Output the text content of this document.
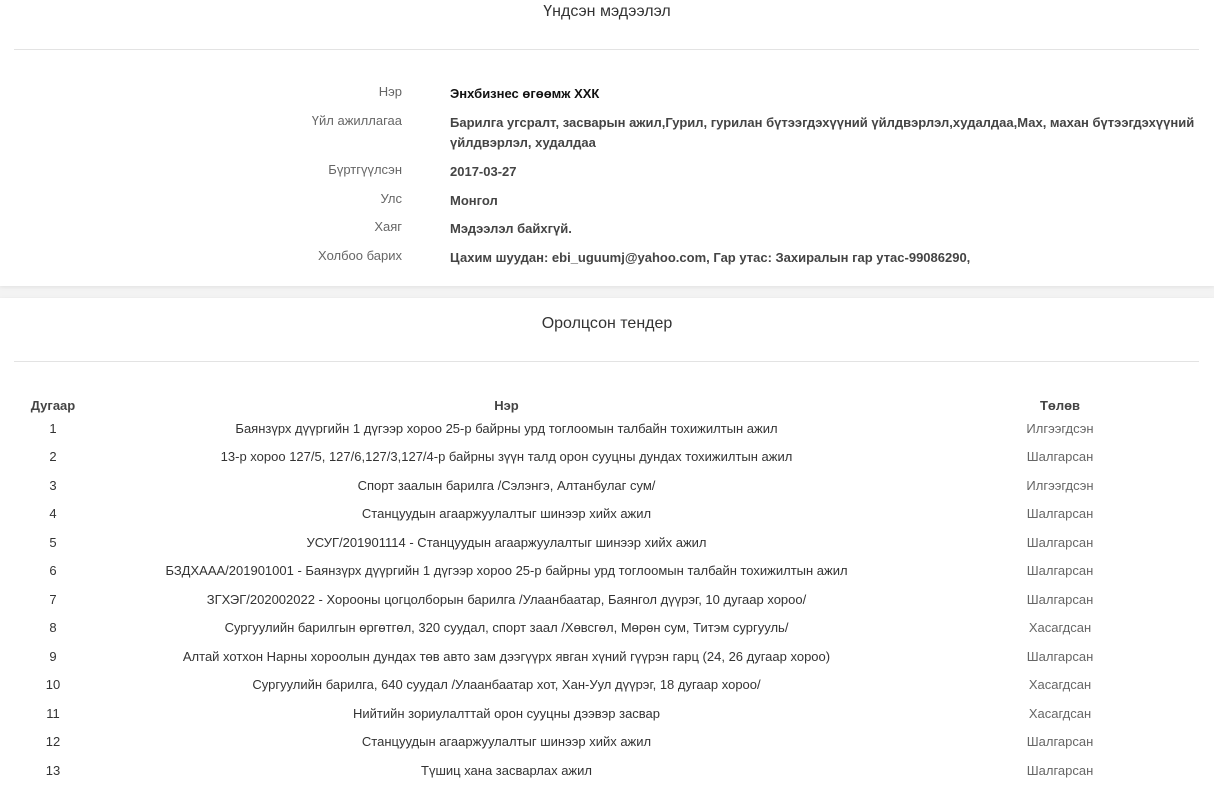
Үндсэн мэдээлэл
Нэр	Энхбизнес өгөөмж ХХК
Үйл ажиллагаа	Барилга угсралт, засварын ажил,Гурил, гурилан бүтээгдэхүүний үйлдвэрлэл,худалдаа,Мах, махан бүтээгдэхүүний үйлдвэрлэл, худалдаа
Бүртгүүлсэн	2017-03-27
Улс	Монгол
Хаяг	Мэдээлэл байхгүй.
Холбоо барих	Цахим шуудан: ebi_uguumj@yahoo.com, Гар утас: Захиралын гар утас-99086290,
Оролцсон тендер
Дугаар	Нэр	Төлөв
1	Баянзүрх дүүргийн 1 дүгээр хороо 25-р байрны урд тоглоомын талбайн тохижилтын ажил	Илгээгдсэн
2	13-р хороо 127/5, 127/6,127/3,127/4-р байрны зүүн талд орон сууцны дундах тохижилтын ажил	Шалгарсан
3	Спорт заалын барилга /Сэлэнгэ, Алтанбулаг сум/	Илгээгдсэн
4	Станцуудын агааржуулалтыг шинээр хийх ажил	Шалгарсан
5	УСУГ/201901114 - Станцуудын агааржуулалтыг шинээр хийх ажил	Шалгарсан
6	БЗДХААА/201901001 - Баянзүрх дүүргийн 1 дүгээр хороо 25-р байрны урд тоглоомын талбайн тохижилтын ажил	Шалгарсан
7	ЗГХЭГ/202002022 - Хорооны цогцолборын барилга /Улаанбаатар, Баянгол дүүрэг, 10 дугаар хороо/	Шалгарсан
8	Сургуулийн барилгын өргөтгөл, 320 суудал, спорт заал /Хөвсгөл, Мөрөн сум, Титэм сургууль/	Хасагдсан
9	Алтай хотхон Нарны хороолын дундах төв авто зам дээгүүрх явган хүний гүүрэн гарц (24, 26 дугаар хороо)	Шалгарсан
10	Сургуулийн барилга, 640 суудал /Улаанбаатар хот, Хан-Уул дүүрэг, 18 дугаар хороо/	Хасагдсан
11	Нийтийн зориулалттай орон сууцны дээвэр засвар	Хасагдсан
12	Станцуудын агааржуулалтыг шинээр хийх ажил	Шалгарсан
13	Түшиц хана засварлах ажил	Шалгарсан
